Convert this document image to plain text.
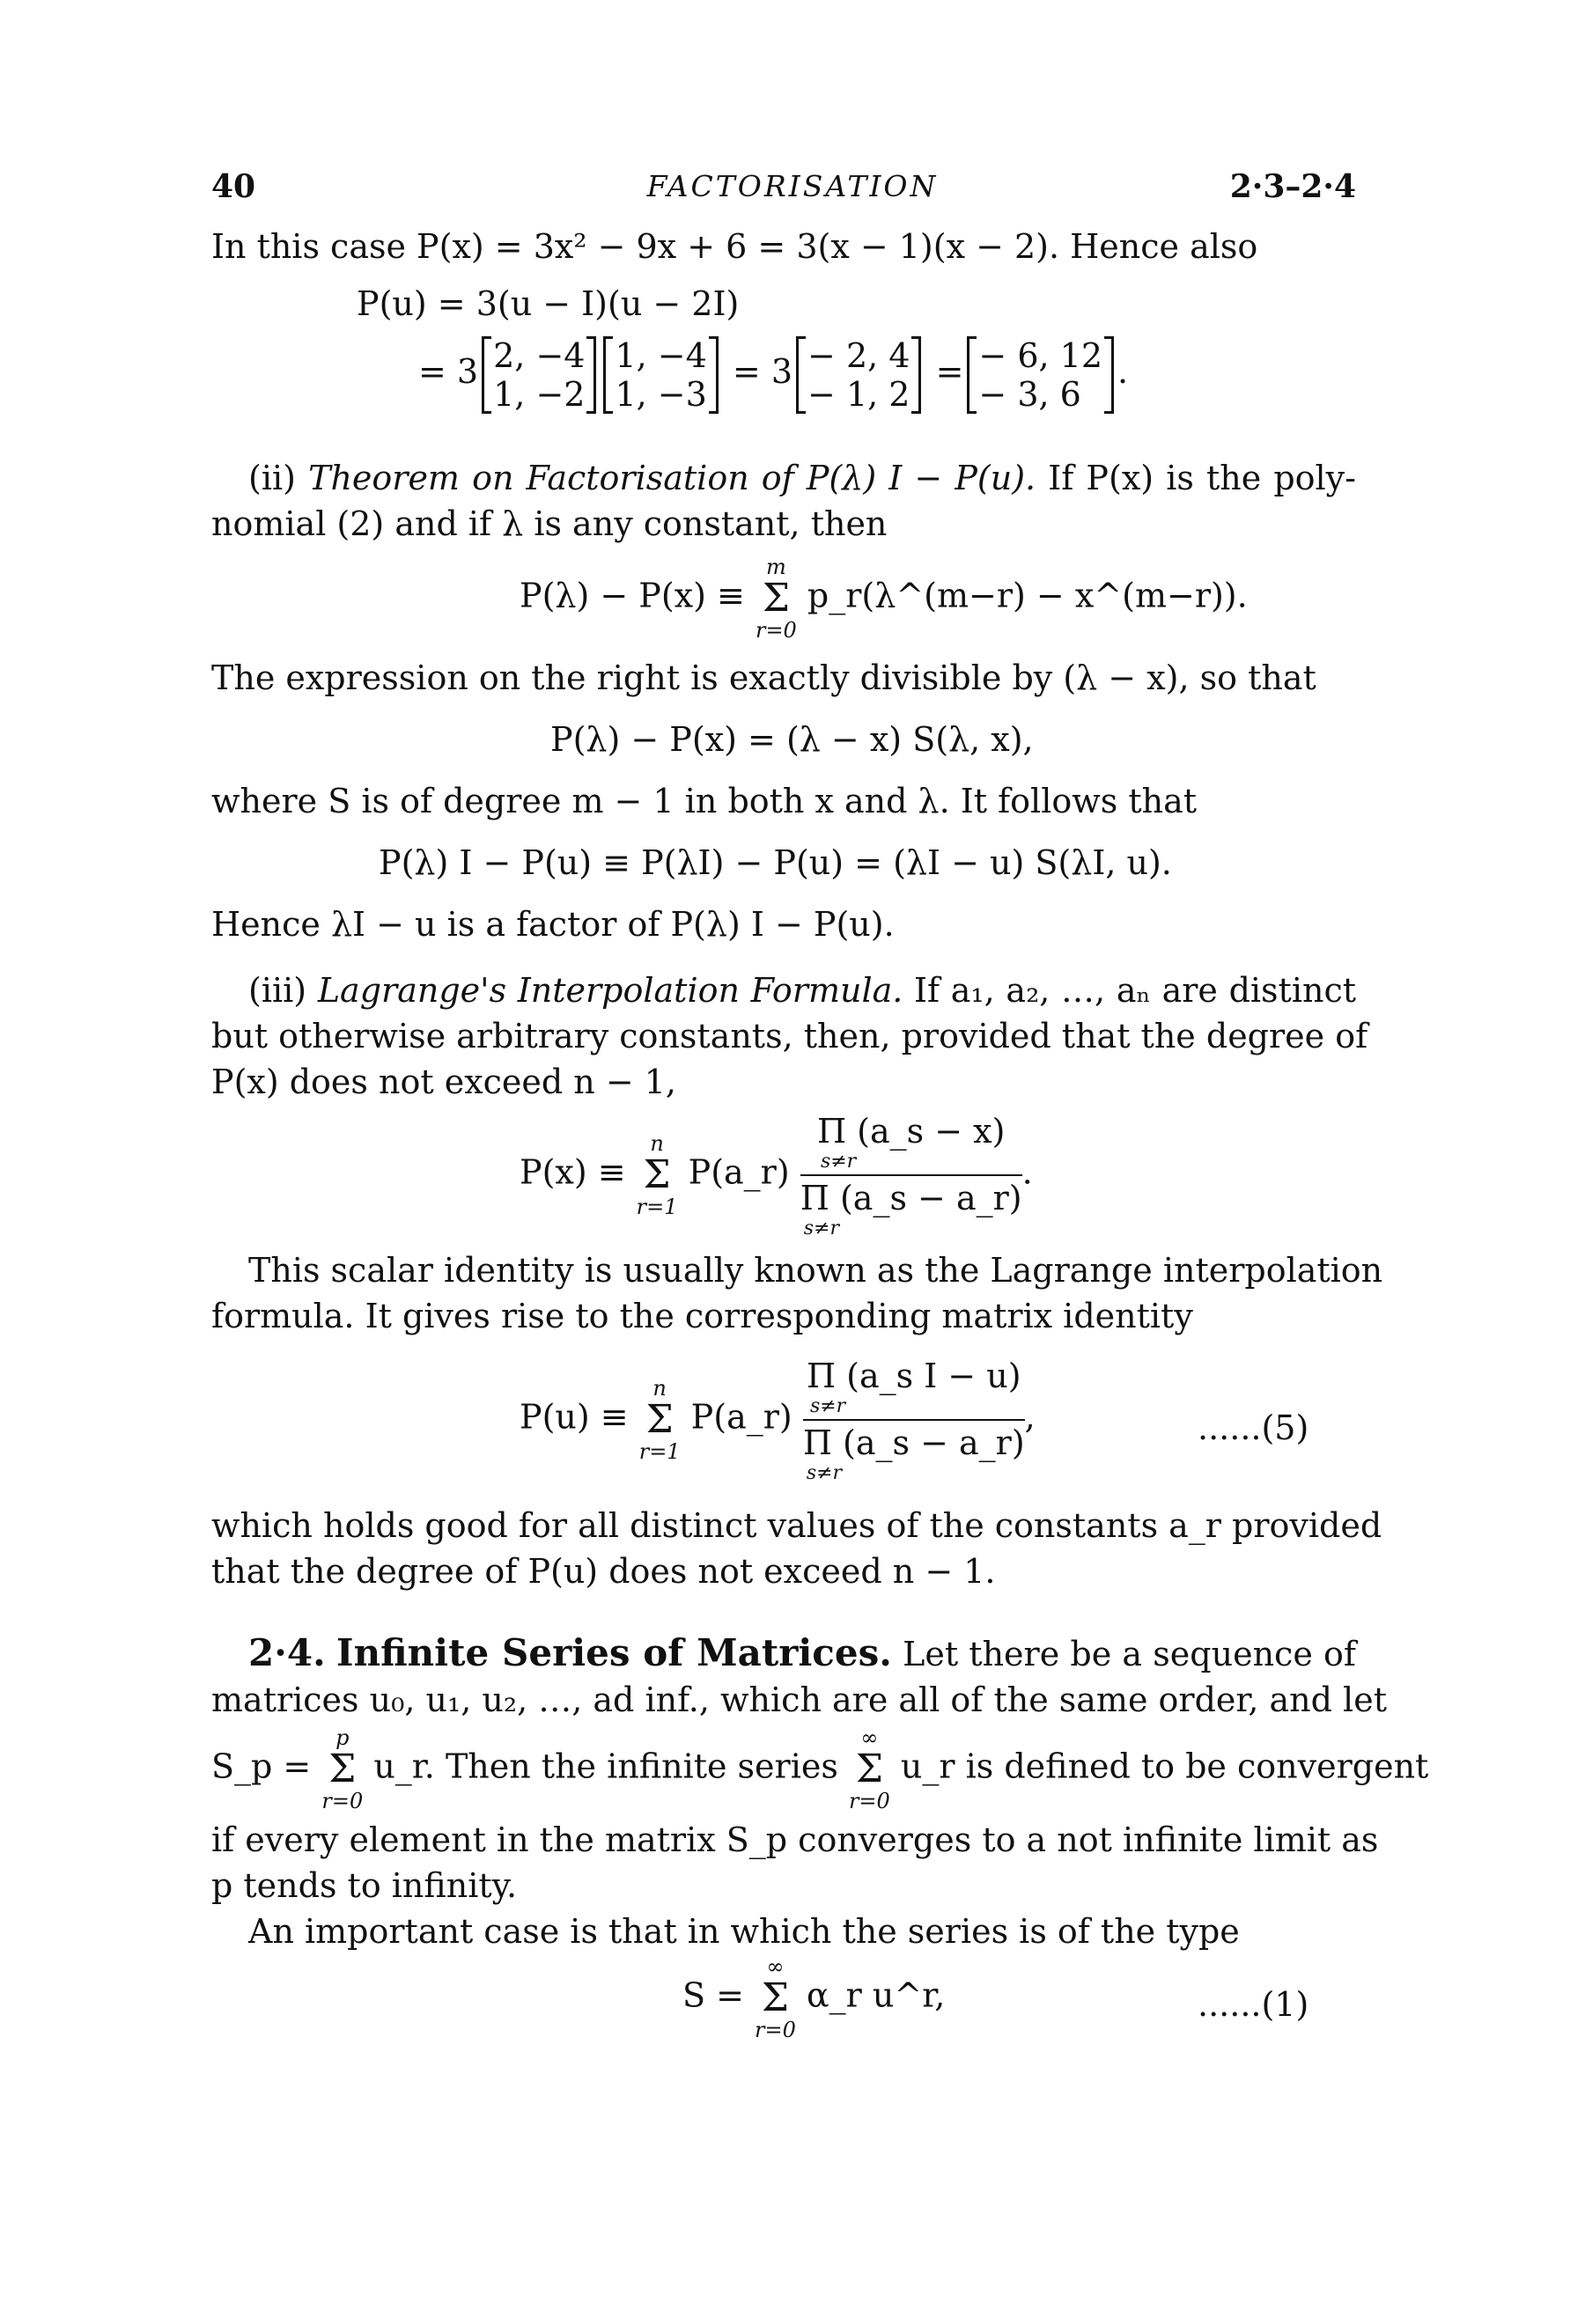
40	FACTORISATION	2·3–2·4
In this case P(x) = 3x² − 9x + 6 = 3(x − 1)(x − 2). Hence also
P(u) = 3(u − I)(u − 2I)
= 3 2, −4
1, −2
1, −4
1, −3
= 3 − 2, 4
− 1, 2
= − 6, 12
− 3, 6
.
(ii) Theorem on Factorisation of P(λ) I − P(u). If P(x) is the poly-
nomial (2) and if λ is any constant, then
P(λ) − P(x) ≡
m
Σ
r=0
p_r(λ^(m−r) − x^(m−r)).
The expression on the right is exactly divisible by (λ − x), so that
P(λ) − P(x) = (λ − x) S(λ, x),
where S is of degree m − 1 in both x and λ. It follows that
P(λ) I − P(u) ≡ P(λI) − P(u) = (λI − u) S(λI, u).
Hence λI − u is a factor of P(λ) I − P(u).
(iii) Lagrange's Interpolation Formula. If a₁, a₂, …, aₙ are distinct
but otherwise arbitrary constants, then, provided that the degree of
P(x) does not exceed n − 1,
P(x) ≡
n
Σ
r=1
P(a_r) Π (a_s − x)
s≠r
Π (a_s − a_r)
s≠r .
This scalar identity is usually known as the Lagrange interpolation
formula. It gives rise to the corresponding matrix identity
P(u) ≡
n
Σ
r=1
P(a_r) Π (a_s I − u)
s≠r
Π (a_s − a_r)
s≠r ,	......(5)
which holds good for all distinct values of the constants a_r provided
that the degree of P(u) does not exceed n − 1.
2·4. Infinite Series of Matrices. Let there be a sequence of
matrices u₀, u₁, u₂, …, ad inf., which are all of the same order, and let
S_p =
p
Σ
r=0
u_r. Then the infinite series
∞
Σ
r=0
u_r is defined to be convergent
if every element in the matrix S_p converges to a not infinite limit as
p tends to infinity.
An important case is that in which the series is of the type
S =
∞
Σ
r=0
α_r u^r,	......(1)
